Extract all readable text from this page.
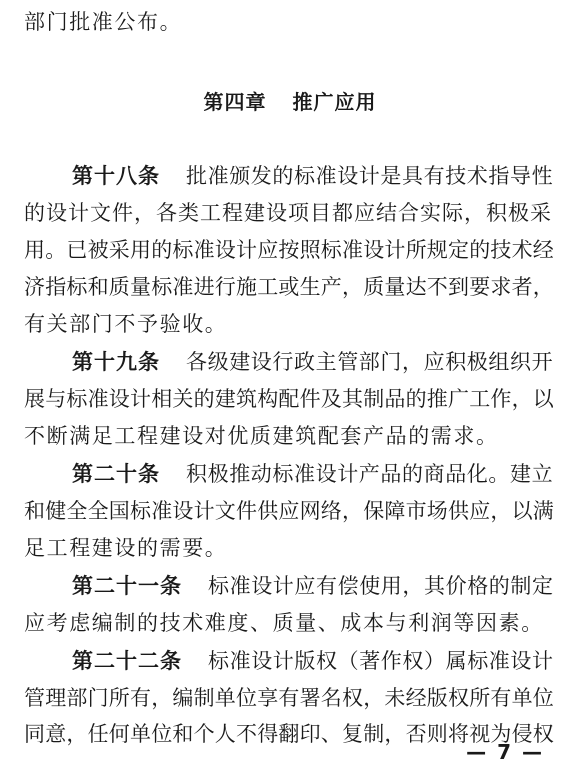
部门批准公布。
第四章 推广应用
第十八条 批准颁发的标准设计是具有技术指导性
的设计文件，各类工程建设项目都应结合实际，积极采
用。已被采用的标准设计应按照标准设计所规定的技术经
济指标和质量标准进行施工或生产，质量达不到要求者，
有关部门不予验收。
第十九条 各级建设行政主管部门，应积极组织开
展与标准设计相关的建筑构配件及其制品的推广工作，以
不断满足工程建设对优质建筑配套产品的需求。
第二十条 积极推动标准设计产品的商品化。建立
和健全全国标准设计文件供应网络，保障市场供应，以满
足工程建设的需要。
第二十一条 标准设计应有偿使用，其价格的制定
应考虑编制的技术难度、质量、成本与利润等因素。
第二十二条 标准设计版权（著作权）属标准设计
管理部门所有，编制单位享有署名权，未经版权所有单位
同意，任何单位和个人不得翻印、复制，否则将视为侵权
— 7 —
